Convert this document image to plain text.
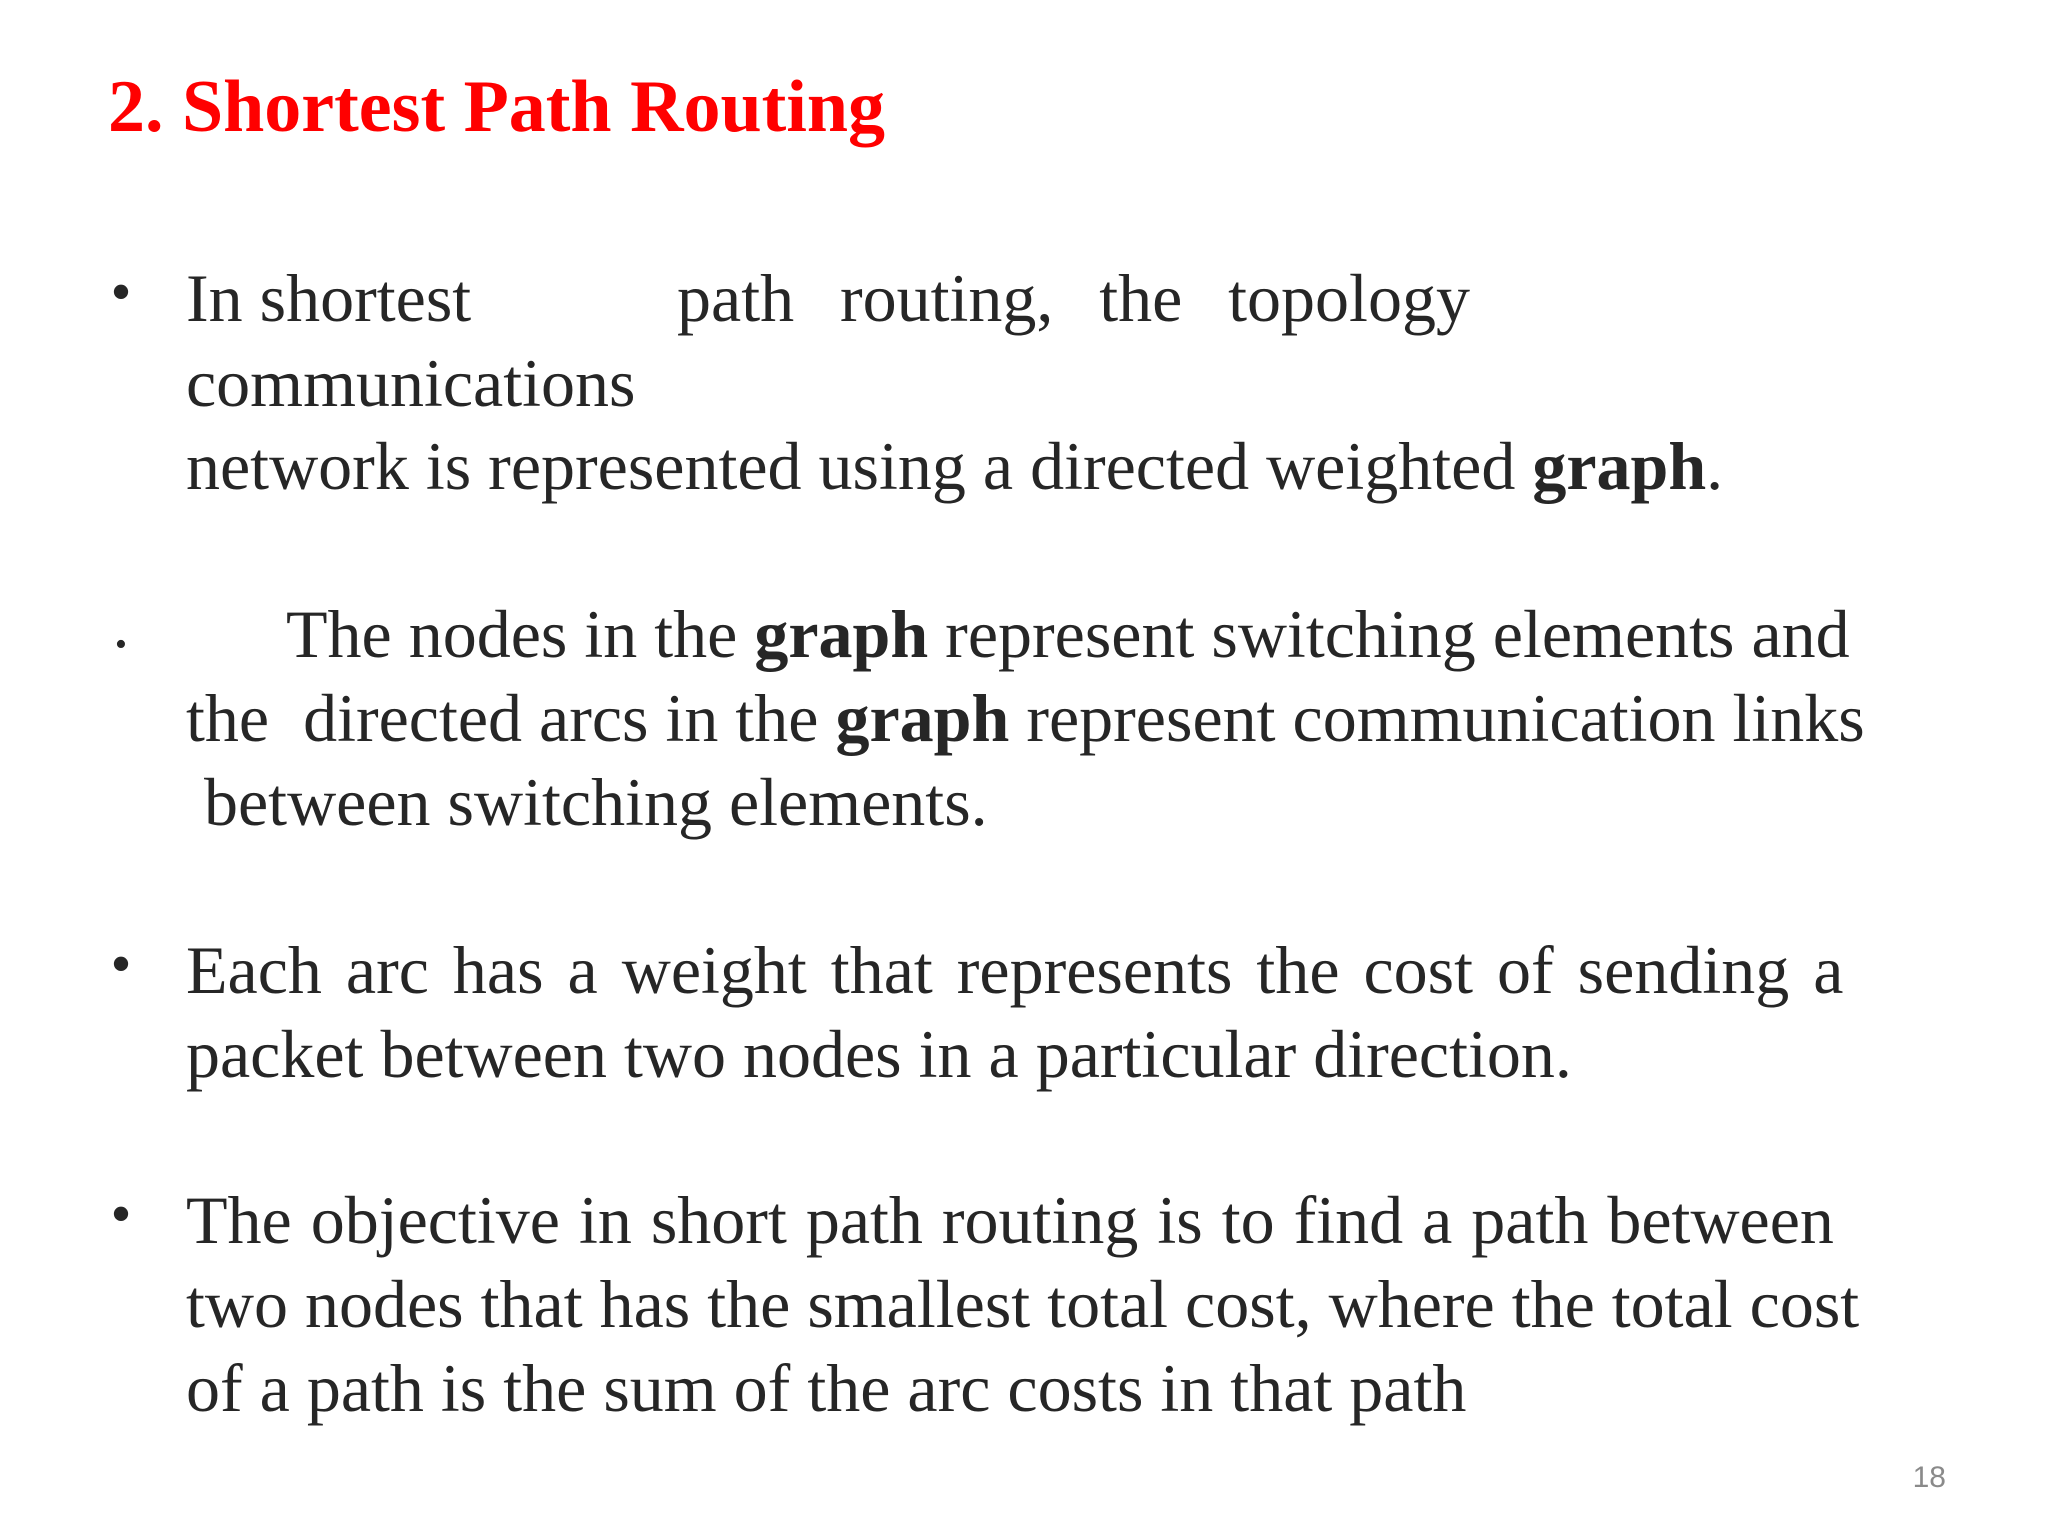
2. Shortest Path Routing
• In shortest	path routing, the topology
communications
network is represented using a directed weighted graph.
• The nodes in the graph represent switching elements and
the  directed arcs in the graph represent communication links
between switching elements.
• Each arc has a weight that represents the cost of sending a
packet between two nodes in a particular direction.
• The objective in short path routing is to find a path between
two nodes that has the smallest total cost, where the total cost
of a path is the sum of the arc costs in that path
18
